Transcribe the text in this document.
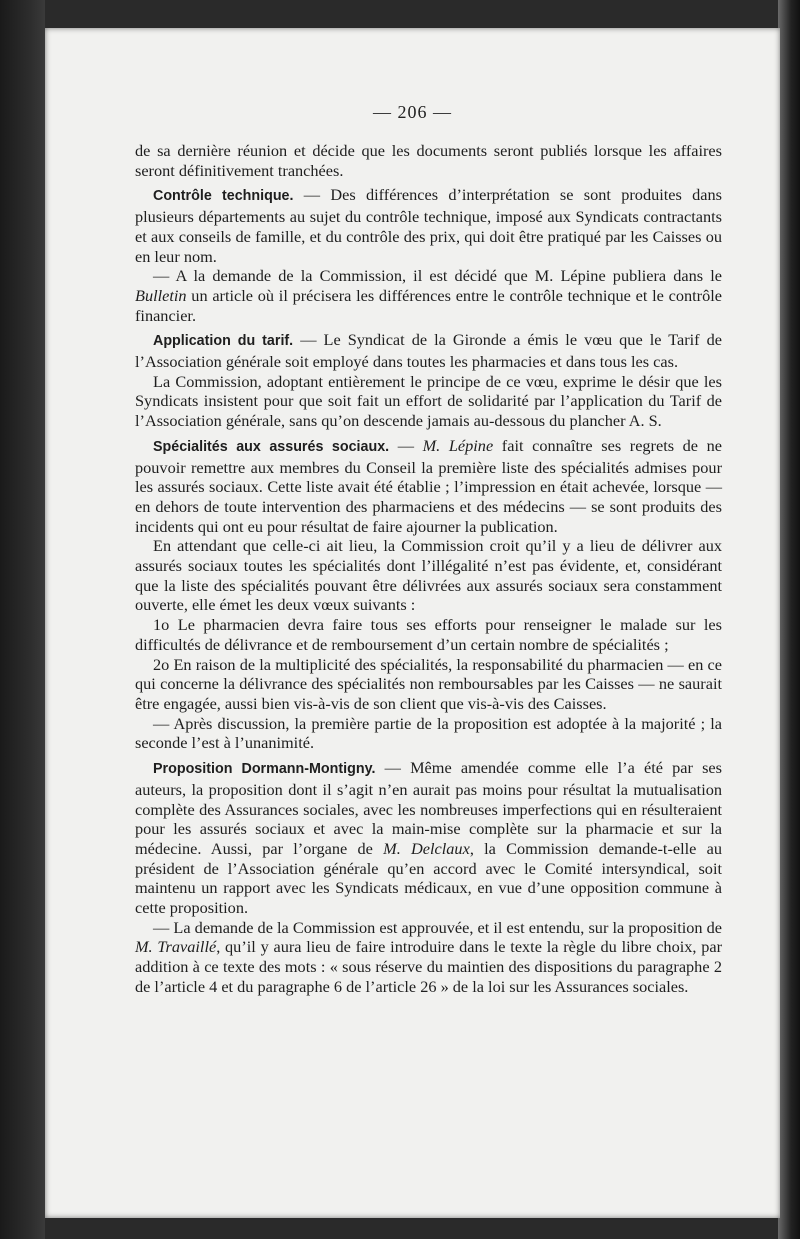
— 206 —

de sa dernière réunion et décide que les documents seront publiés lorsque les affaires seront définitivement tranchées.

Contrôle technique. — Des différences d’interprétation se sont produites dans plusieurs départements au sujet du contrôle technique, imposé aux Syndicats contractants et aux conseils de famille, et du contrôle des prix, qui doit être pratiqué par les Caisses ou en leur nom.

— A la demande de la Commission, il est décidé que M. Lépine publiera dans le Bulletin un article où il précisera les différences entre le contrôle technique et le contrôle financier.

Application du tarif. — Le Syndicat de la Gironde a émis le vœu que le Tarif de l’Association générale soit employé dans toutes les pharmacies et dans tous les cas.

La Commission, adoptant entièrement le principe de ce vœu, exprime le désir que les Syndicats insistent pour que soit fait un effort de solidarité par l’application du Tarif de l’Association générale, sans qu’on descende jamais au-dessous du plancher A. S.

Spécialités aux assurés sociaux. — M. Lépine fait connaître ses regrets de ne pouvoir remettre aux membres du Conseil la première liste des spécialités admises pour les assurés sociaux. Cette liste avait été établie ; l’impression en était achevée, lorsque — en dehors de toute intervention des pharmaciens et des médecins — se sont produits des incidents qui ont eu pour résultat de faire ajourner la publication.

En attendant que celle-ci ait lieu, la Commission croit qu’il y a lieu de délivrer aux assurés sociaux toutes les spécialités dont l’illégalité n’est pas évidente, et, considérant que la liste des spécialités pouvant être délivrées aux assurés sociaux sera constamment ouverte, elle émet les deux vœux suivants :

1o Le pharmacien devra faire tous ses efforts pour renseigner le malade sur les difficultés de délivrance et de remboursement d’un certain nombre de spécialités ;

2o En raison de la multiplicité des spécialités, la responsabilité du pharmacien — en ce qui concerne la délivrance des spécialités non remboursables par les Caisses — ne saurait être engagée, aussi bien vis-à-vis de son client que vis-à-vis des Caisses.

— Après discussion, la première partie de la proposition est adoptée à la majorité ; la seconde l’est à l’unanimité.

Proposition Dormann-Montigny. — Même amendée comme elle l’a été par ses auteurs, la proposition dont il s’agit n’en aurait pas moins pour résultat la mutualisation complète des Assurances sociales, avec les nombreuses imperfections qui en résulteraient pour les assurés sociaux et avec la main-mise complète sur la pharmacie et sur la médecine. Aussi, par l’organe de M. Delclaux, la Commission demande-t-elle au président de l’Association générale qu’en accord avec le Comité intersyndical, soit maintenu un rapport avec les Syndicats médicaux, en vue d’une opposition commune à cette proposition.

— La demande de la Commission est approuvée, et il est entendu, sur la proposition de M. Travaillé, qu’il y aura lieu de faire introduire dans le texte la règle du libre choix, par addition à ce texte des mots : « sous réserve du maintien des dispositions du paragraphe 2 de l’article 4 et du paragraphe 6 de l’article 26 » de la loi sur les Assurances sociales.
